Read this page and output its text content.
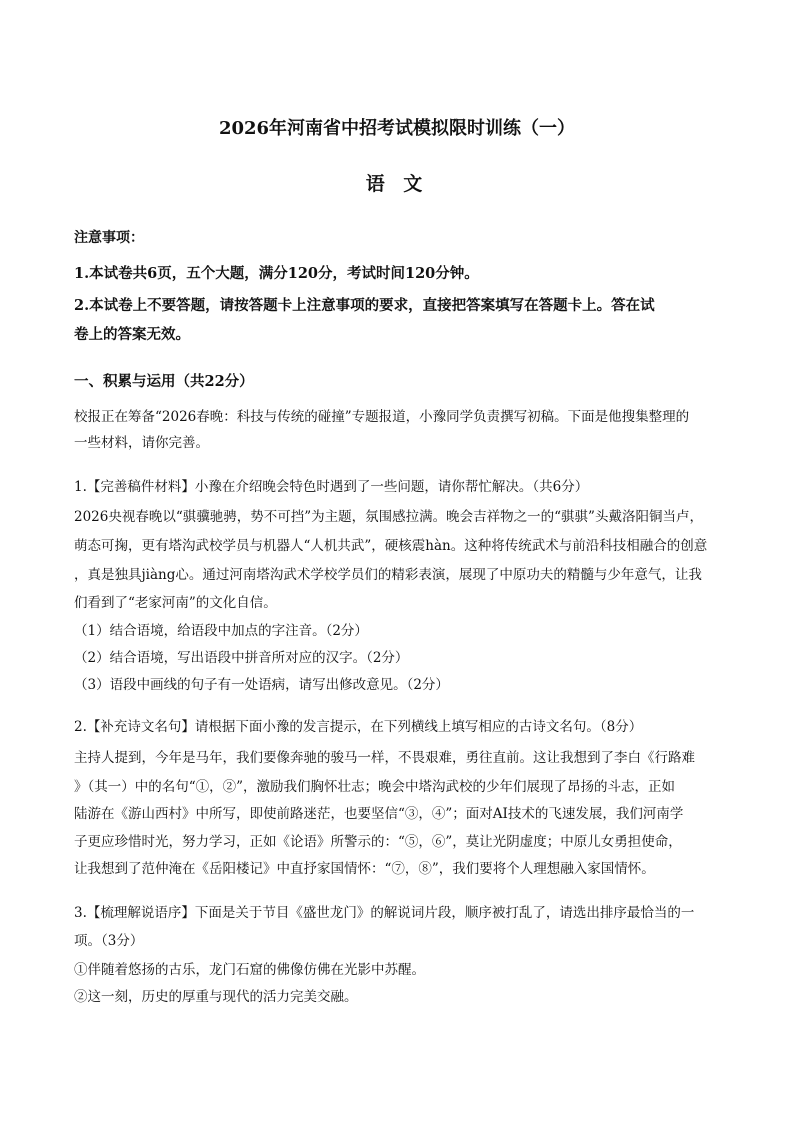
2026年河南省中招考试模拟限时训练（一）
语 文
注意事项：
1.本试卷共6页，五个大题，满分120分，考试时间120分钟。
2.本试卷上不要答题，请按答题卡上注意事项的要求，直接把答案填写在答题卡上。答在试
卷上的答案无效。
一、积累与运用（共22分）
校报正在筹备“2026春晚：科技与传统的碰撞”专题报道，小豫同学负责撰写初稿。下面是他搜集整理的
一些材料，请你完善。
1.【完善稿件材料】小豫在介绍晚会特色时遇到了一些问题，请你帮忙解决。（共6分）
2026央视春晚以“骐骥驰骋，势不可挡”为主题，氛围感拉满。晚会吉祥物之一的“骐骐”头戴洛阳铜当卢，
萌态可掬，更有塔沟武校学员与机器人“人机共武”，硬核震hàn。这种将传统武术与前沿科技相融合的创意
，真是独具jiàng心。通过河南塔沟武术学校学员们的精彩表演，展现了中原功夫的精髓与少年意气，让我
们看到了“老家河南”的文化自信。
（1）结合语境，给语段中加点的字注音。（2分）
（2）结合语境，写出语段中拼音所对应的汉字。（2分）
（3）语段中画线的句子有一处语病，请写出修改意见。（2分）
2.【补充诗文名句】请根据下面小豫的发言提示，在下列横线上填写相应的古诗文名句。（8分）
主持人提到，今年是马年，我们要像奔驰的骏马一样，不畏艰难，勇往直前。这让我想到了李白《行路难
》（其一）中的名句“①，②”，激励我们胸怀壮志；晚会中塔沟武校的少年们展现了昂扬的斗志，正如
陆游在《游山西村》中所写，即使前路迷茫，也要坚信“③，④”；面对AI技术的飞速发展，我们河南学
子更应珍惜时光，努力学习，正如《论语》所警示的：“⑤，⑥”，莫让光阴虚度；中原儿女勇担使命，
让我想到了范仲淹在《岳阳楼记》中直抒家国情怀：“⑦，⑧”，我们要将个人理想融入家国情怀。
3.【梳理解说语序】下面是关于节目《盛世龙门》的解说词片段，顺序被打乱了，请选出排序最恰当的一
项。（3分）
①伴随着悠扬的古乐，龙门石窟的佛像仿佛在光影中苏醒。
②这一刻，历史的厚重与现代的活力完美交融。
